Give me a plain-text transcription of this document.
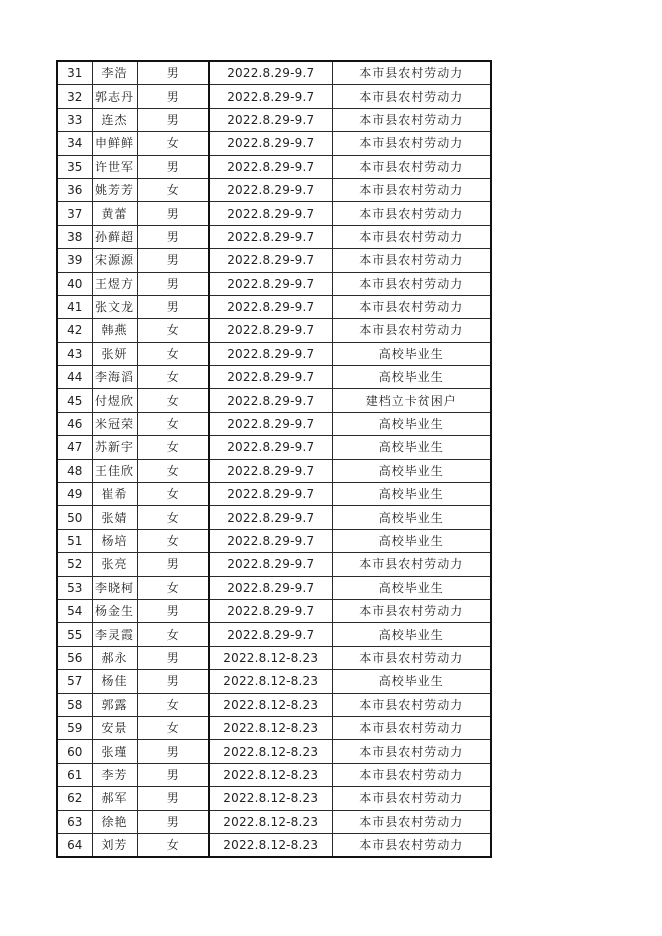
31	李浩	男	2022.8.29-9.7	本市县农村劳动力
32	郭志丹	男	2022.8.29-9.7	本市县农村劳动力
33	连杰	男	2022.8.29-9.7	本市县农村劳动力
34	申鲜鲜	女	2022.8.29-9.7	本市县农村劳动力
35	许世军	男	2022.8.29-9.7	本市县农村劳动力
36	姚芳芳	女	2022.8.29-9.7	本市县农村劳动力
37	黄蕾	男	2022.8.29-9.7	本市县农村劳动力
38	孙藓超	男	2022.8.29-9.7	本市县农村劳动力
39	宋源源	男	2022.8.29-9.7	本市县农村劳动力
40	王煜方	男	2022.8.29-9.7	本市县农村劳动力
41	张文龙	男	2022.8.29-9.7	本市县农村劳动力
42	韩燕	女	2022.8.29-9.7	本市县农村劳动力
43	张妍	女	2022.8.29-9.7	高校毕业生
44	李海滔	女	2022.8.29-9.7	高校毕业生
45	付煜欣	女	2022.8.29-9.7	建档立卡贫困户
46	米冠荣	女	2022.8.29-9.7	高校毕业生
47	苏新宇	女	2022.8.29-9.7	高校毕业生
48	王佳欣	女	2022.8.29-9.7	高校毕业生
49	崔希	女	2022.8.29-9.7	高校毕业生
50	张婧	女	2022.8.29-9.7	高校毕业生
51	杨培	女	2022.8.29-9.7	高校毕业生
52	张亮	男	2022.8.29-9.7	本市县农村劳动力
53	李晓柯	女	2022.8.29-9.7	高校毕业生
54	杨金生	男	2022.8.29-9.7	本市县农村劳动力
55	李灵霞	女	2022.8.29-9.7	高校毕业生
56	郝永	男	2022.8.12-8.23	本市县农村劳动力
57	杨佳	男	2022.8.12-8.23	高校毕业生
58	郭露	女	2022.8.12-8.23	本市县农村劳动力
59	安景	女	2022.8.12-8.23	本市县农村劳动力
60	张瑾	男	2022.8.12-8.23	本市县农村劳动力
61	李芳	男	2022.8.12-8.23	本市县农村劳动力
62	郝军	男	2022.8.12-8.23	本市县农村劳动力
63	徐艳	男	2022.8.12-8.23	本市县农村劳动力
64	刘芳	女	2022.8.12-8.23	本市县农村劳动力
